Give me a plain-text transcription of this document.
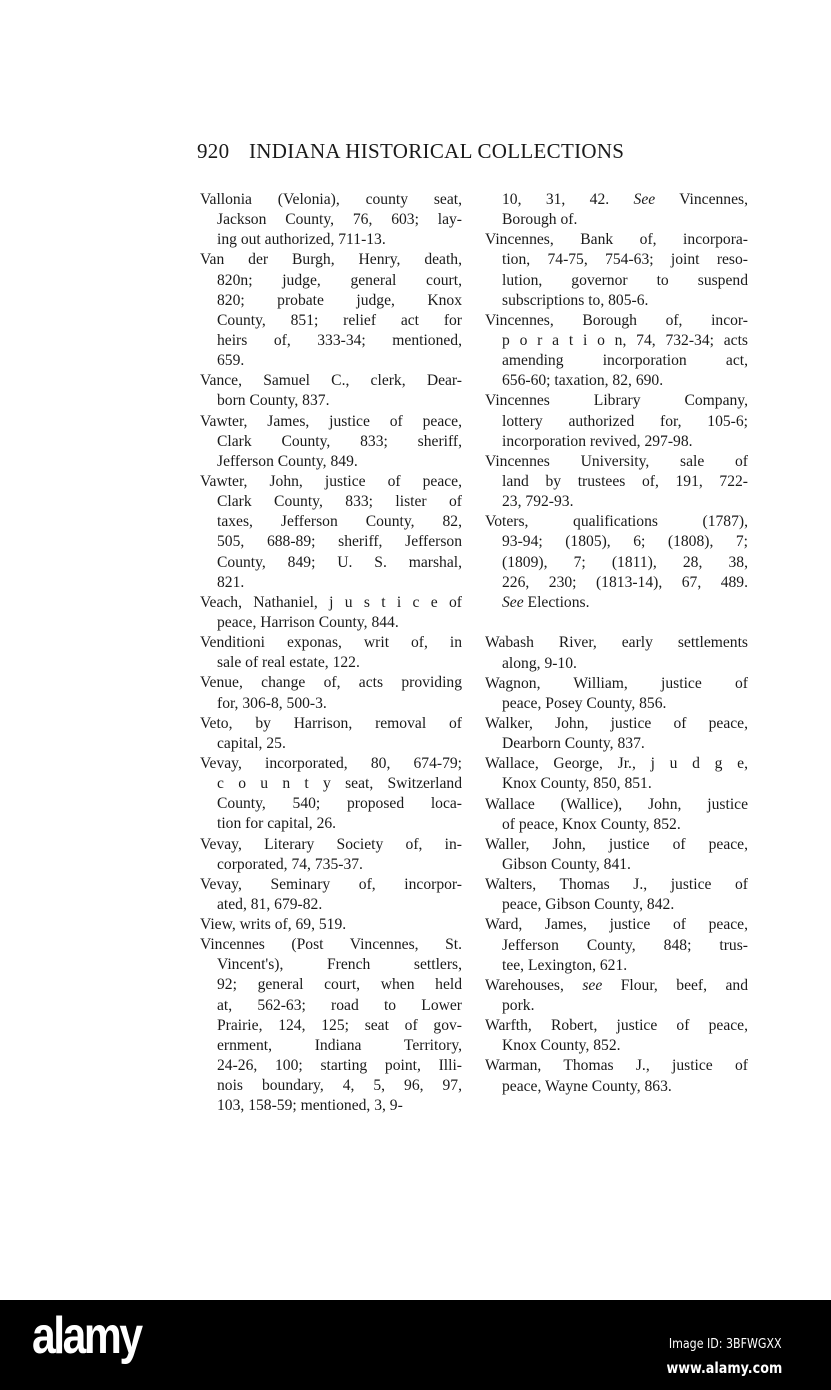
920 INDIANA HISTORICAL COLLECTIONS
Vallonia (Velonia), county seat,
Jackson County, 76, 603; lay-
ing out authorized, 711-13.
Van der Burgh, Henry, death,
820n; judge, general court,
820; probate judge, Knox
County, 851; relief act for
heirs of, 333-34; mentioned,
659.
Vance, Samuel C., clerk, Dear-
born County, 837.
Vawter, James, justice of peace,
Clark County, 833; sheriff,
Jefferson County, 849.
Vawter, John, justice of peace,
Clark County, 833; lister of
taxes, Jefferson County, 82,
505, 688-89; sheriff, Jefferson
County, 849; U. S. marshal,
821.
Veach, Nathaniel, j u s t i c e of
peace, Harrison County, 844.
Venditioni exponas, writ of, in
sale of real estate, 122.
Venue, change of, acts providing
for, 306-8, 500-3.
Veto, by Harrison, removal of
capital, 25.
Vevay, incorporated, 80, 674-79;
c o u n t y seat, Switzerland
County, 540; proposed loca-
tion for capital, 26.
Vevay, Literary Society of, in-
corporated, 74, 735-37.
Vevay, Seminary of, incorpor-
ated, 81, 679-82.
View, writs of, 69, 519.
Vincennes (Post Vincennes, St.
Vincent's), French settlers,
92; general court, when held
at, 562-63; road to Lower
Prairie, 124, 125; seat of gov-
ernment, Indiana Territory,
24-26, 100; starting point, Illi-
nois boundary, 4, 5, 96, 97,
103, 158-59; mentioned, 3, 9-
10, 31, 42. See Vincennes,
Borough of.
Vincennes, Bank of, incorpora-
tion, 74-75, 754-63; joint reso-
lution, governor to suspend
subscriptions to, 805-6.
Vincennes, Borough of, incor-
p o r a t i o n, 74, 732-34; acts
amending incorporation act,
656-60; taxation, 82, 690.
Vincennes Library Company,
lottery authorized for, 105-6;
incorporation revived, 297-98.
Vincennes University, sale of
land by trustees of, 191, 722-
23, 792-93.
Voters, qualifications (1787),
93-94; (1805), 6; (1808), 7;
(1809), 7; (1811), 28, 38,
226, 230; (1813-14), 67, 489.
See Elections.
Wabash River, early settlements
along, 9-10.
Wagnon, William, justice of
peace, Posey County, 856.
Walker, John, justice of peace,
Dearborn County, 837.
Wallace, George, Jr., j u d g e,
Knox County, 850, 851.
Wallace (Wallice), John, justice
of peace, Knox County, 852.
Waller, John, justice of peace,
Gibson County, 841.
Walters, Thomas J., justice of
peace, Gibson County, 842.
Ward, James, justice of peace,
Jefferson County, 848; trus-
tee, Lexington, 621.
Warehouses, see Flour, beef, and
pork.
Warfth, Robert, justice of peace,
Knox County, 852.
Warman, Thomas J., justice of
peace, Wayne County, 863.
alamy	Image ID: 3BFWGXX
www.alamy.com
